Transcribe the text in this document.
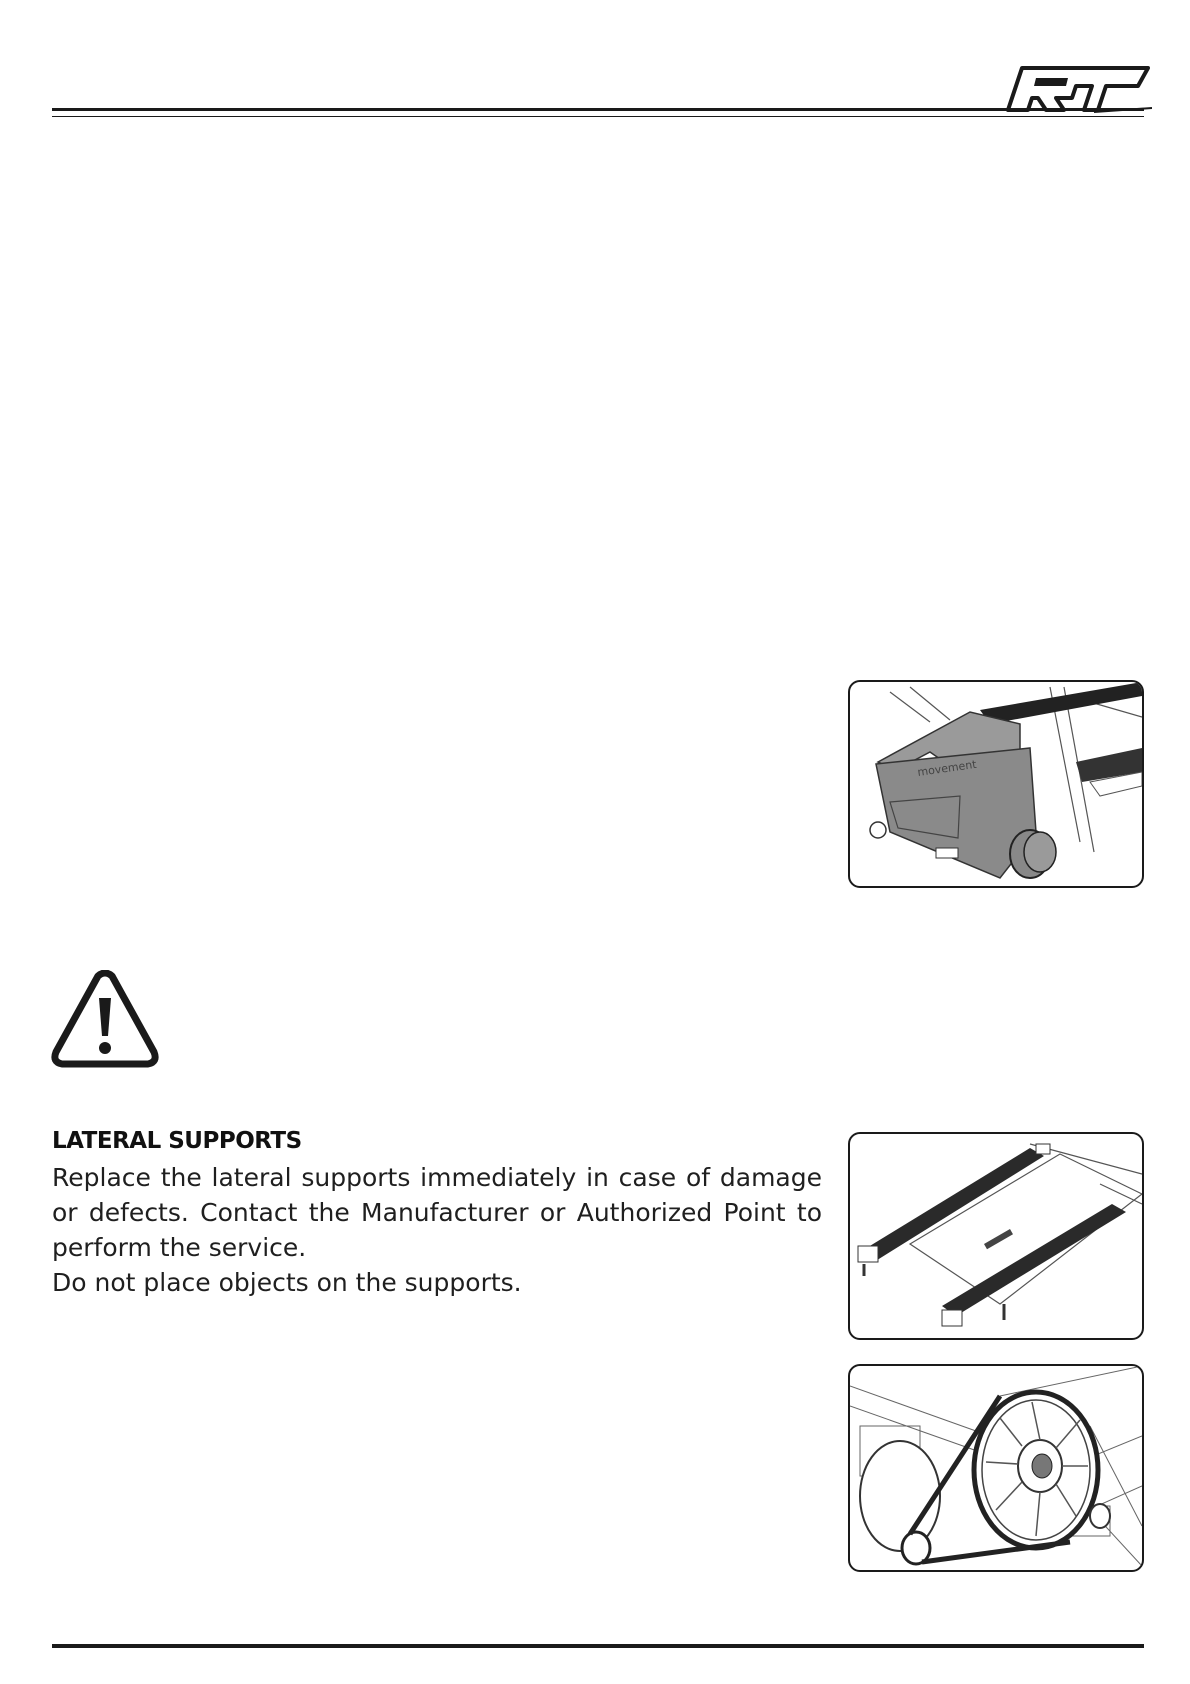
movement
LATERAL SUPPORTS

Replace the lateral supports immediately in case of damage or defects. Contact the Manufacturer or Authorized Point to perform the service.

Do not place objects on the supports.
